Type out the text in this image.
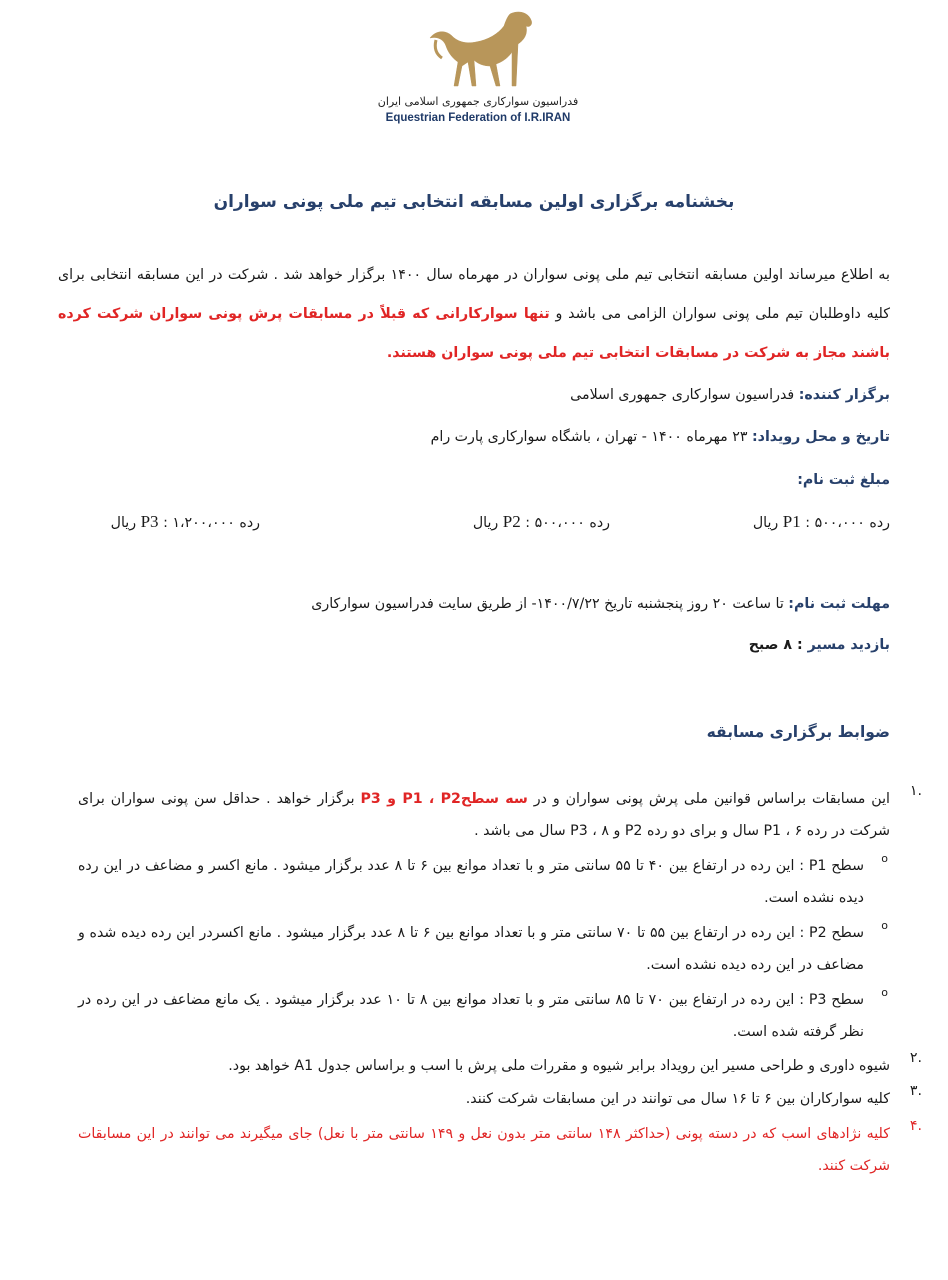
فدراسیون سوارکاری جمهوری اسلامی ایران
Equestrian Federation of I.R.IRAN
بخشنامه برگزاری اولین مسابقه انتخابی تیم ملی پونی سواران
به اطلاع میرساند اولین مسابقه انتخابی تیم ملی پونی سواران در مهرماه سال ۱۴۰۰ برگزار خواهد شد . شرکت در این مسابقه انتخابی برای کلیه داوطلبان تیم ملی پونی سواران الزامی می باشد و تنها سوارکارانی که قبلاً در مسابقات پرش پونی سواران شرکت کرده باشند مجاز به شرکت در مسابقات انتخابی تیم ملی پونی سواران هستند.
برگزار کننده: فدراسیون سوارکاری جمهوری اسلامی
تاریخ و محل رویداد: ۲۳ مهرماه ۱۴۰۰ - تهران ، باشگاه سوارکاری پارت رام
مبلغ ثبت نام:
رده P1 : ۵۰۰،۰۰۰ ریال
رده P2 : ۵۰۰،۰۰۰ ریال
رده P3 : ۱،۲۰۰،۰۰۰ ریال
مهلت ثبت نام: تا ساعت ۲۰ روز پنجشنبه تاریخ ۱۴۰۰/۷/۲۲- از طریق سایت فدراسیون سوارکاری
بازدید مسیر : ۸ صبح
ضوابط برگزاری مسابقه
.۱
این مسابقات براساس قوانین ملی پرش پونی سواران و در سه سطحP1 ، P2 و P3 برگزار خواهد . حداقل سن پونی سواران برای شرکت در رده P1 ، ۶ سال و برای دو رده P2 و P3 ، ۸ سال می باشد .
o
سطح P1 : این رده در ارتفاع بین ۴۰ تا ۵۵ سانتی متر و با تعداد موانع بین ۶ تا ۸ عدد برگزار میشود . مانع اکسر و مضاعف در این رده دیده نشده است.
o
سطح P2 : این رده در ارتفاع بین ۵۵ تا ۷۰ سانتی متر و با تعداد موانع بین ۶ تا ۸ عدد برگزار میشود . مانع اکسردر این رده دیده شده و مضاعف در این رده دیده نشده است.
o
سطح P3 : این رده در ارتفاع بین ۷۰ تا ۸۵ سانتی متر و با تعداد موانع بین ۸ تا ۱۰ عدد برگزار میشود . یک مانع مضاعف در این رده در نظر گرفته شده است.
.۲
شیوه داوری و طراحی مسیر این رویداد برابر شیوه و مقررات ملی پرش با اسب و براساس جدول A1 خواهد بود.
.۳
کلیه سوارکاران بین ۶ تا ۱۶ سال می توانند در این مسابقات شرکت کنند.
.۴
کلیه نژادهای اسب که در دسته پونی (حداکثر ۱۴۸ سانتی متر بدون نعل و ۱۴۹ سانتی متر با نعل) جای میگیرند می توانند در این مسابقات شرکت کنند.
